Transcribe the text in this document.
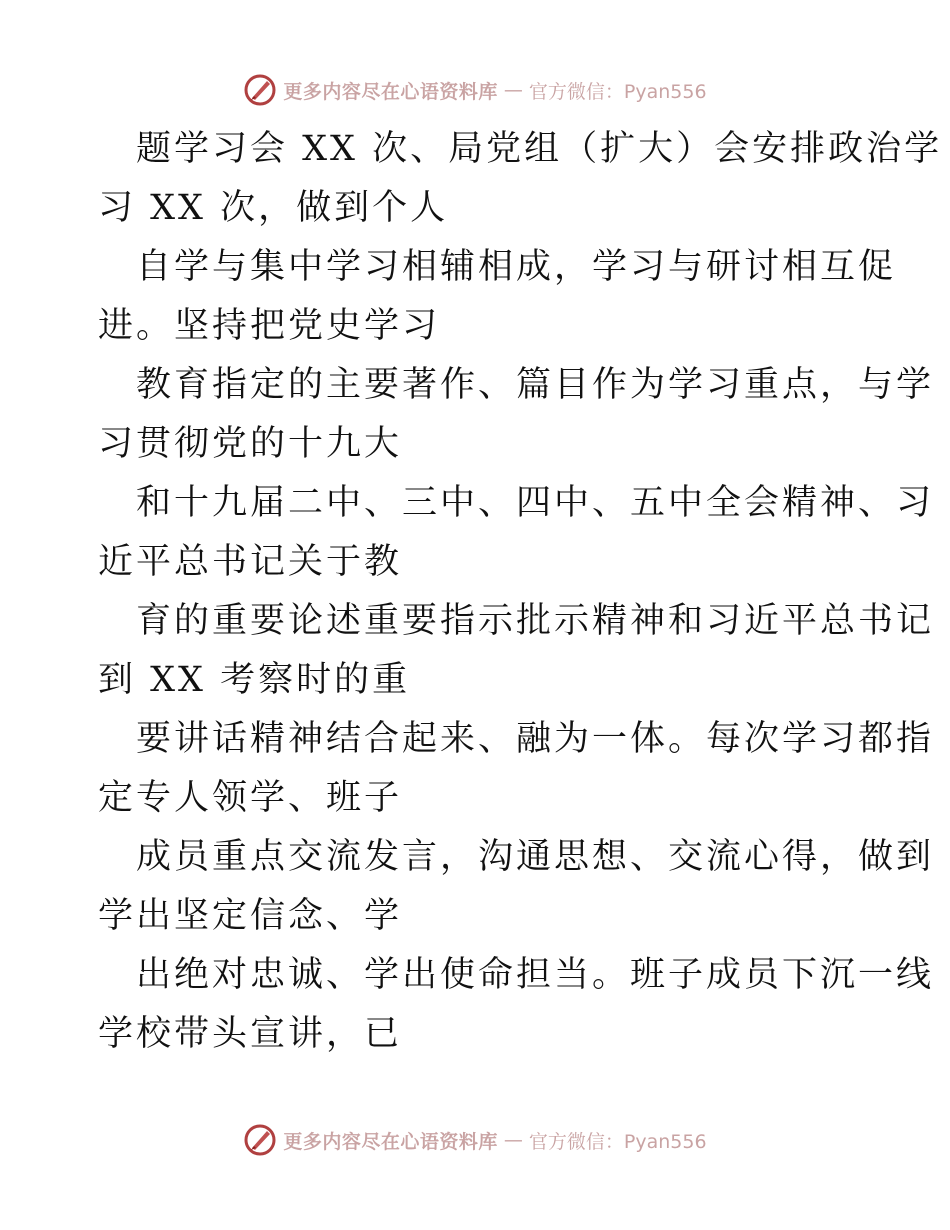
更多内容尽在心语资料库 — 官方微信：Pyan556

题学习会 XX 次、局党组（扩大）会安排政治学
习 XX 次，做到个人

自学与集中学习相辅相成，学习与研讨相互促
进。坚持把党史学习

教育指定的主要著作、篇目作为学习重点，与学
习贯彻党的十九大

和十九届二中、三中、四中、五中全会精神、习
近平总书记关于教

育的重要论述重要指示批示精神和习近平总书记
到 XX 考察时的重

要讲话精神结合起来、融为一体。每次学习都指
定专人领学、班子

成员重点交流发言，沟通思想、交流心得，做到
学出坚定信念、学

出绝对忠诚、学出使命担当。班子成员下沉一线
学校带头宣讲，已

更多内容尽在心语资料库 — 官方微信：Pyan556
